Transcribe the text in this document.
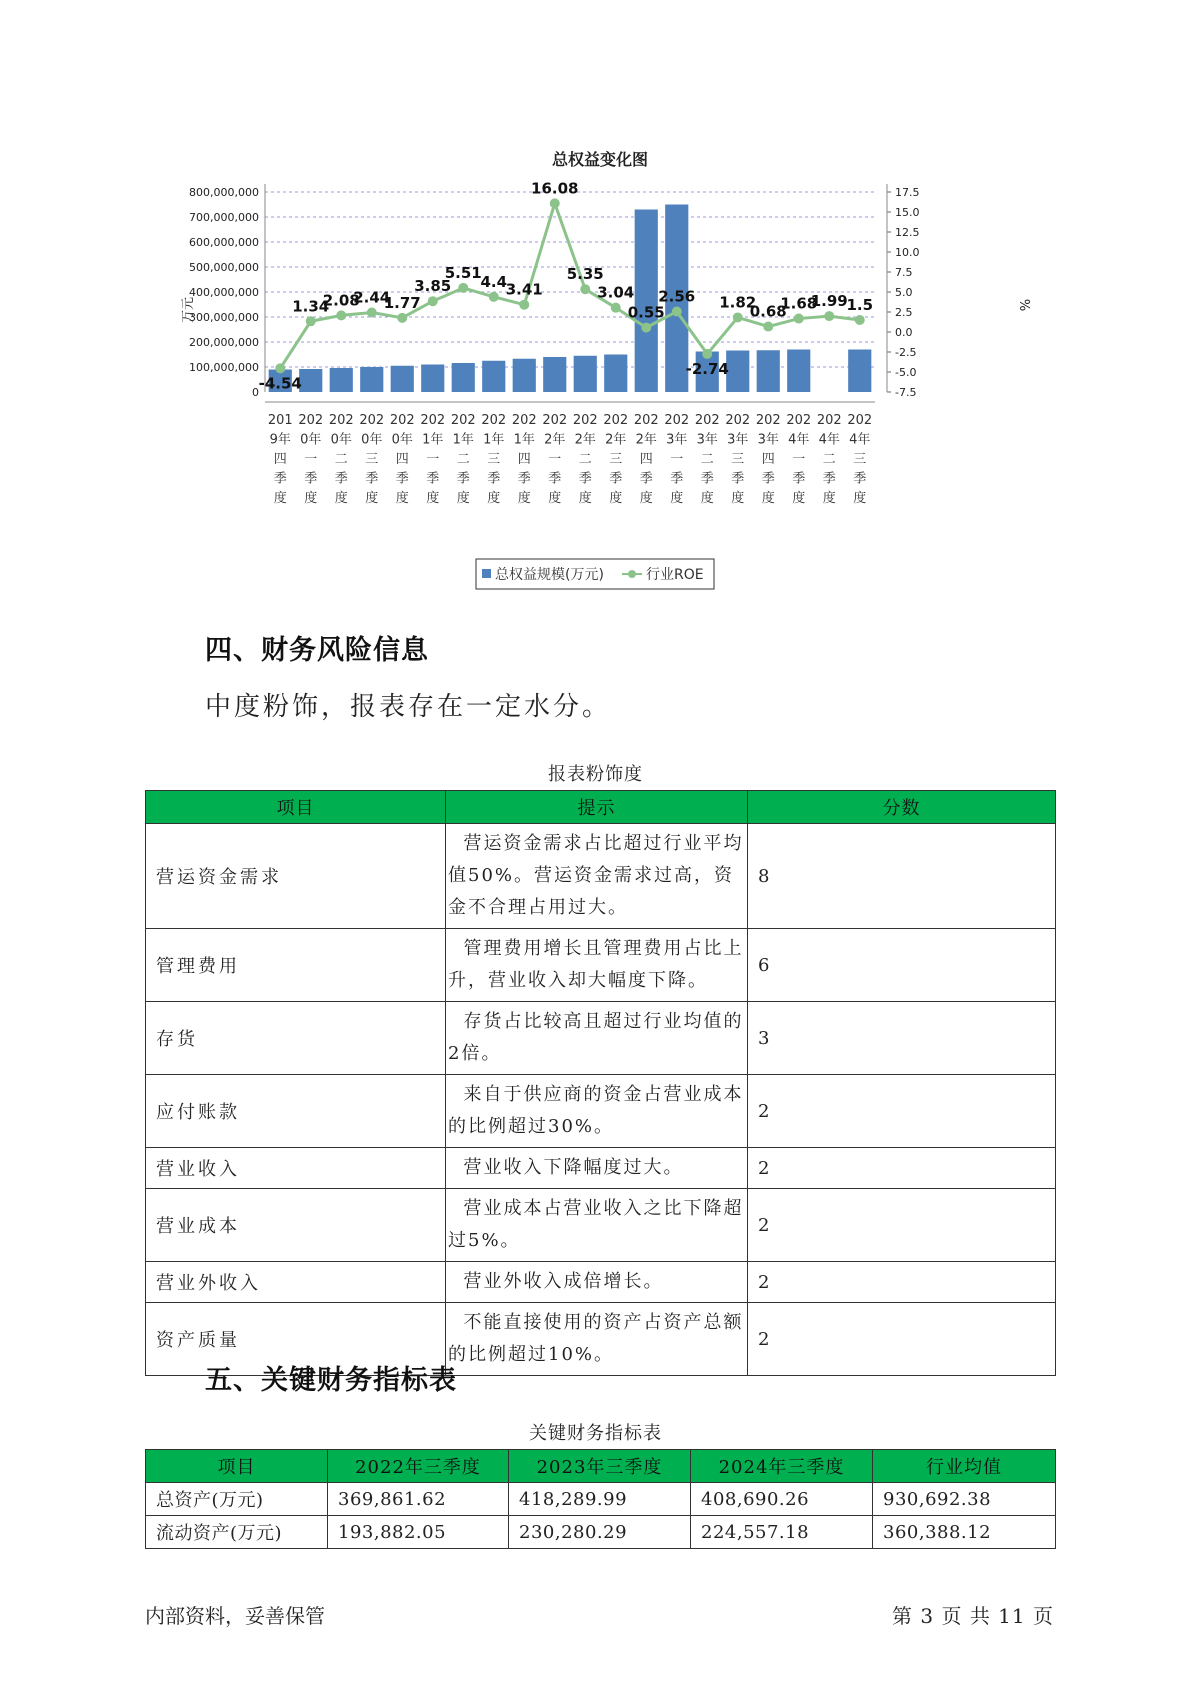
总权益变化图
万元	%
-4.54
1.34
2.08
2.44
1.77
3.85
5.51
4.4
3.41
16.08
5.35
3.04
0.55
2.56
-2.74
1.82
0.68
1.68
1.99
1.5
800,000,000
700,000,000
600,000,000
500,000,000
400,000,000
300,000,000
200,000,000
100,000,000
0
17.5
15.0
12.5
10.0
7.5
5.0
2.5
0.0
-2.5
-5.0
-7.5
201
9年
四
季
度
202
0年
一
季
度
202
0年
二
季
度
202
0年
三
季
度
202
0年
四
季
度
202
1年
一
季
度
202
1年
二
季
度
202
1年
三
季
度
202
1年
四
季
度
202
2年
一
季
度
202
2年
二
季
度
202
2年
三
季
度
202
2年
四
季
度
202
3年
一
季
度
202
3年
二
季
度
202
3年
三
季
度
202
3年
四
季
度
202
4年
一
季
度
202
4年
二
季
度
202
4年
三
季
度
总权益规模(万元)	行业ROE
四、财务风险信息

中度粉饰，报表存在一定水分。

报表粉饰度
项目	提示	分数
营运资金需求	营运资金需求占比超过行业平均值50%。营运资金需求过高，资金不合理占用过大。	8
管理费用	管理费用增长且管理费用占比上升，营业收入却大幅度下降。	6
存货	存货占比较高且超过行业均值的2倍。	3
应付账款	来自于供应商的资金占营业成本的比例超过30%。	2
营业收入	营业收入下降幅度过大。	2
营业成本	营业成本占营业收入之比下降超过5%。	2
营业外收入	营业外收入成倍增长。	2
资产质量	不能直接使用的资产占资产总额的比例超过10%。	2
五、关键财务指标表
关键财务指标表
项目	2022年三季度	2023年三季度	2024年三季度	行业均值
总资产(万元)	369,861.62	418,289.99	408,690.26	930,692.38
流动资产(万元)	193,882.05	230,280.29	224,557.18	360,388.12
内部资料，妥善保管	第 3 页 共 11 页
